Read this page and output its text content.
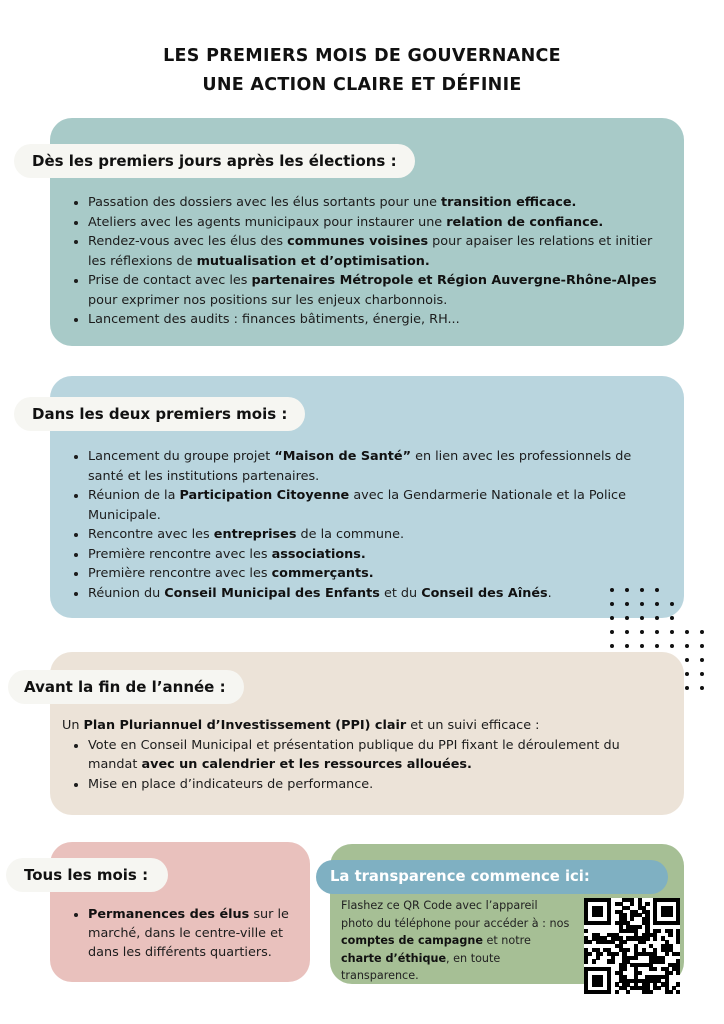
LES PREMIERS MOIS DE GOUVERNANCE
UNE ACTION CLAIRE ET DÉFINIE
Dès les premiers jours après les élections :
• Passation des dossiers avec les élus sortants pour une transition efficace.
• Ateliers avec les agents municipaux pour instaurer une relation de confiance.
• Rendez-vous avec les élus des communes voisines pour apaiser les relations et initier les réflexions de mutualisation et d’optimisation.
• Prise de contact avec les partenaires Métropole et Région Auvergne-Rhône-Alpes pour exprimer nos positions sur les enjeux charbonnois.
• Lancement des audits : finances bâtiments, énergie, RH...
Dans les deux premiers mois :
• Lancement du groupe projet “Maison de Santé” en lien avec les professionnels de santé et les institutions partenaires.
• Réunion de la Participation Citoyenne avec la Gendarmerie Nationale et la Police Municipale.
• Rencontre avec les entreprises de la commune.
• Première rencontre avec les associations.
• Première rencontre avec les commerçants.
• Réunion du Conseil Municipal des Enfants et du Conseil des Aînés.
Avant la fin de l’année :
Un Plan Pluriannuel d’Investissement (PPI) clair et un suivi efficace :
• Vote en Conseil Municipal et présentation publique du PPI fixant le déroulement du mandat avec un calendrier et les ressources allouées.
• Mise en place d’indicateurs de performance.
Tous les mois :
• Permanences des élus sur le marché, dans le centre-ville et dans les différents quartiers.
La transparence commence ici:
Flashez ce QR Code avec l’appareil photo du téléphone pour accéder à : nos comptes de campagne et notre charte d’éthique, en toute transparence.
